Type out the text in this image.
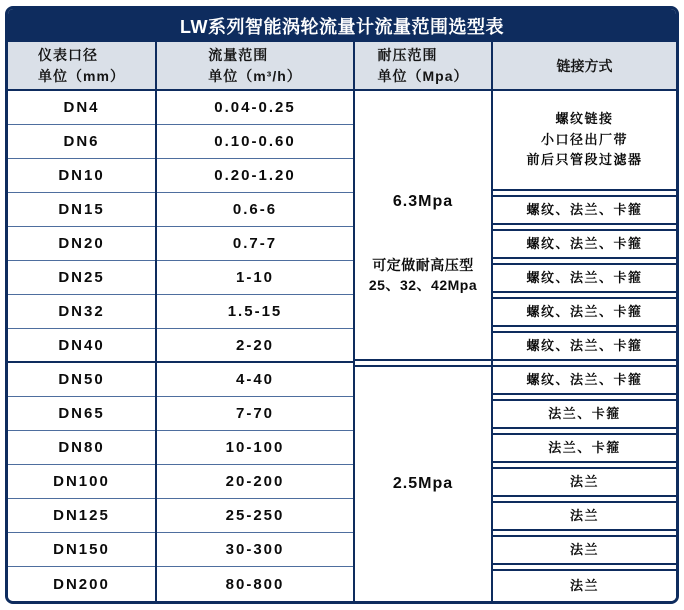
LW系列智能涡轮流量计流量范围选型表
仪表口径
单位（mm）
流量范围
单位（m³/h）
耐压范围
单位（Mpa）
链接方式
DN4
DN6
DN10
DN15
DN20
DN25
DN32
DN40
DN50
DN65
DN80
DN100
DN125
DN150
DN200
0.04-0.25
0.10-0.60
0.20-1.20
0.6-6
0.7-7
1-10
1.5-15
2-20
4-40
7-70
10-100
20-200
25-250
30-300
80-800
6.3Mpa
可定做耐高压型
25、32、42Mpa
2.5Mpa
螺纹链接
小口径出厂带
前后只管段过滤器
螺纹、法兰、卡箍
螺纹、法兰、卡箍
螺纹、法兰、卡箍
螺纹、法兰、卡箍
螺纹、法兰、卡箍
螺纹、法兰、卡箍
法兰、卡箍
法兰、卡箍
法兰
法兰
法兰
法兰
